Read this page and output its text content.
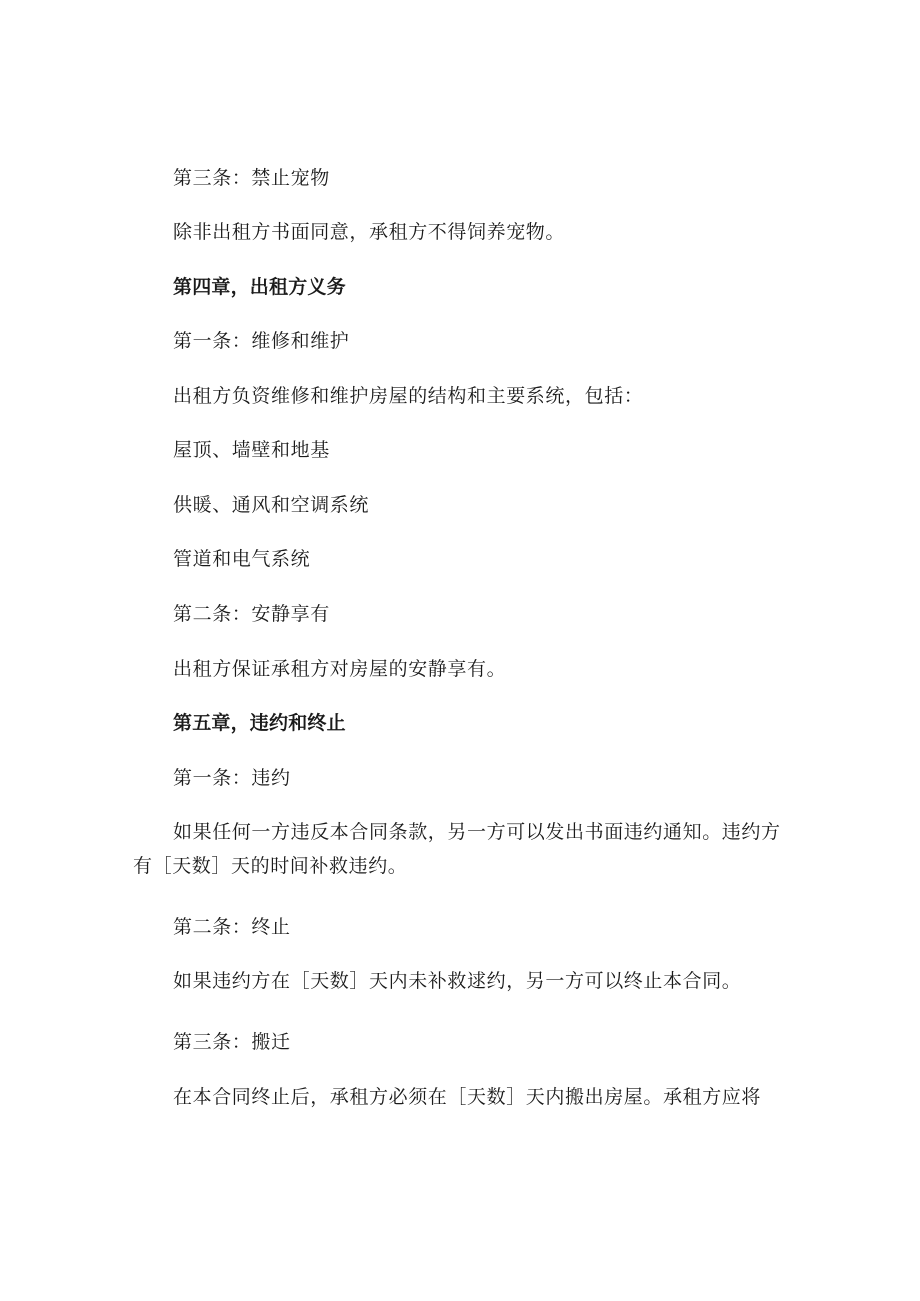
第三条：禁止宠物

除非出租方书面同意，承租方不得饲养宠物。

第四章，出租方义务

第一条：维修和维护

出租方负资维修和维护房屋的结构和主要系统，包括：

屋顶、墙壁和地基

供暖、通风和空调系统

管道和电气系统

第二条：安静享有

出租方保证承租方对房屋的安静享有。

第五章，违约和终止

第一条：违约

如果任何一方违反本合同条款，另一方可以发出书面违约通知。违约方有［天数］天的时间补救违约。

第二条：终止

如果违约方在［天数］天内未补救逑约，另一方可以终止本合同。

第三条：搬迁

在本合同终止后，承租方必须在［天数］天内搬出房屋。承租方应将
